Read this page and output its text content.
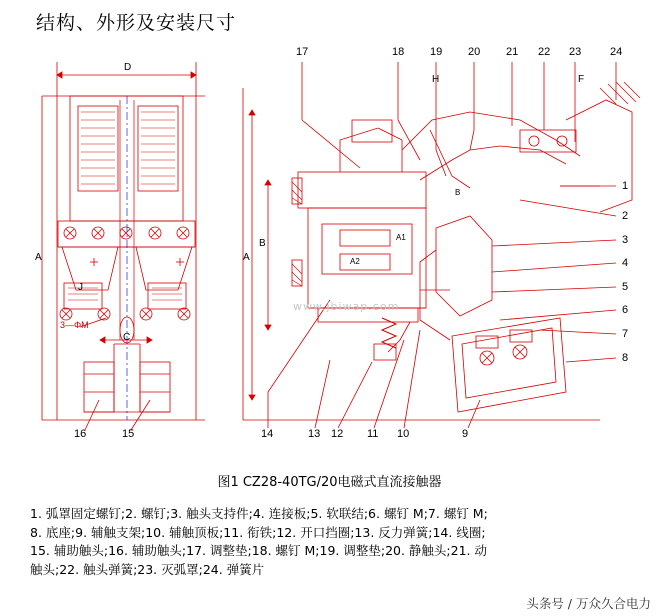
结构、外形及安装尺寸
D
A
C
J
3—ΦM
A
B
H	F
A1
A2
B
16	15
17	18 19 20 21 22 23	24
1
2
3
4
5
6
7
8
14	13 12 11 10	9
www.jbiwap.com
图1 CZ28-40TG/20电磁式直流接触器
1. 弧罩固定螺钉;2. 螺钉;3. 触头支持件;4. 连接板;5. 软联结;6. 螺钉 M;7. 螺钉 M;
8. 底座;9. 辅触支架;10. 辅触顶板;11. 衔铁;12. 开口挡圈;13. 反力弹簧;14. 线圈;
15. 辅助触头;16. 辅助触头;17. 调整垫;18. 螺钉 M;19. 调整垫;20. 静触头;21. 动
触头;22. 触头弹簧;23. 灭弧罩;24. 弹簧片
头条号 / 万众久合电力
